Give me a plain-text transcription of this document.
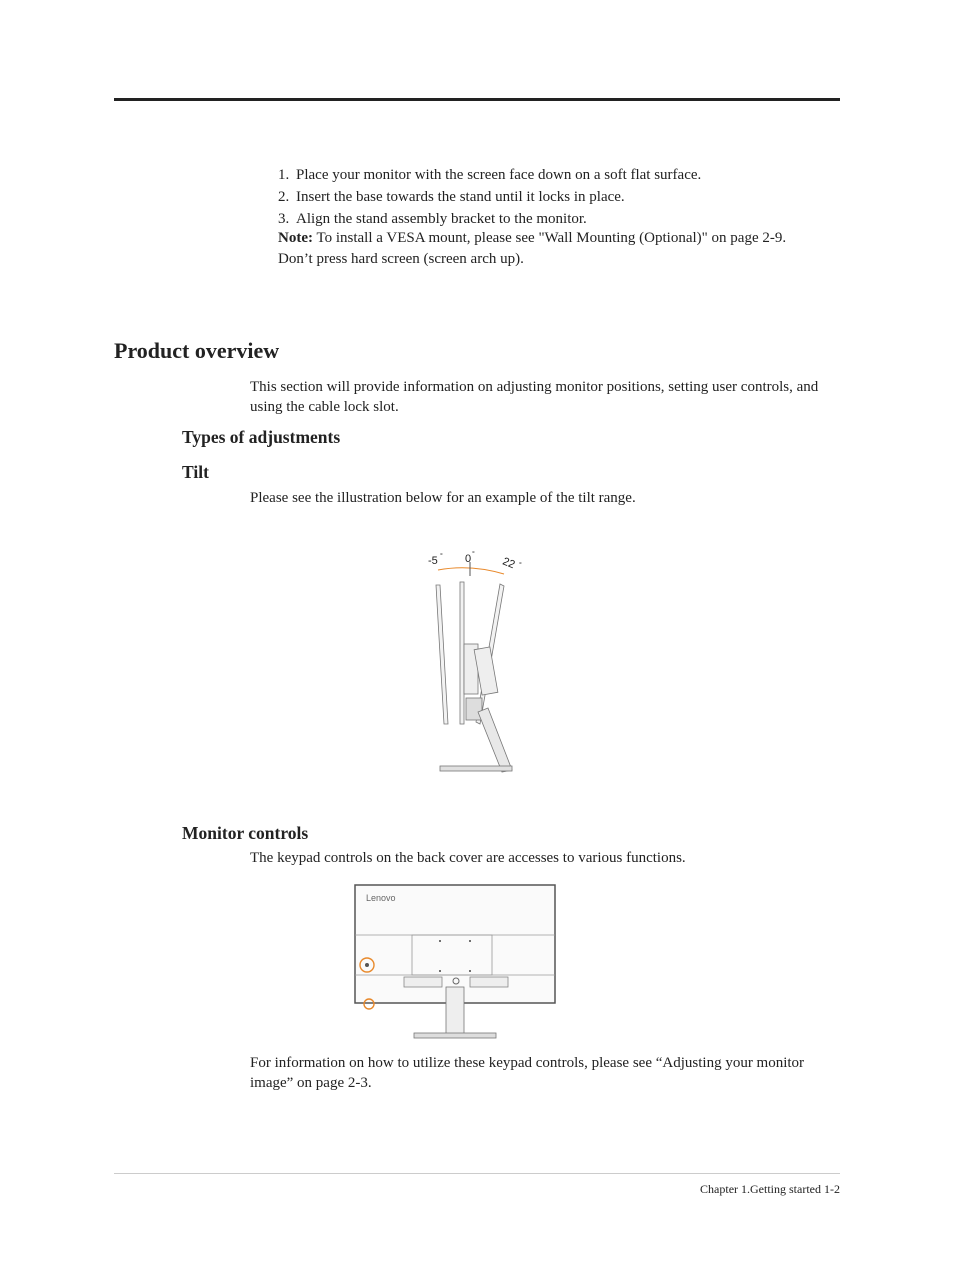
1. Place your monitor with the screen face down on a soft flat surface.

2. Insert the base towards the stand until it locks in place.

3. Align the stand assembly bracket to the monitor.

Note: To install a VESA mount, please see "Wall Mounting (Optional)" on page 2-9.
Don’t press hard screen (screen arch up).
Product overview

This section will provide information on adjusting monitor positions, setting user controls, and using the cable lock slot.

Types of adjustments
Tilt

Please see the illustration below for an example of the tilt range.

-5 0	22
°	°
°
Monitor controls

The keypad controls on the back cover are accesses to various functions.

Lenovo

For information on how to utilize these keypad controls, please see “Adjusting your monitor image” on page 2-3.

Chapter 1.Getting started 1-2
